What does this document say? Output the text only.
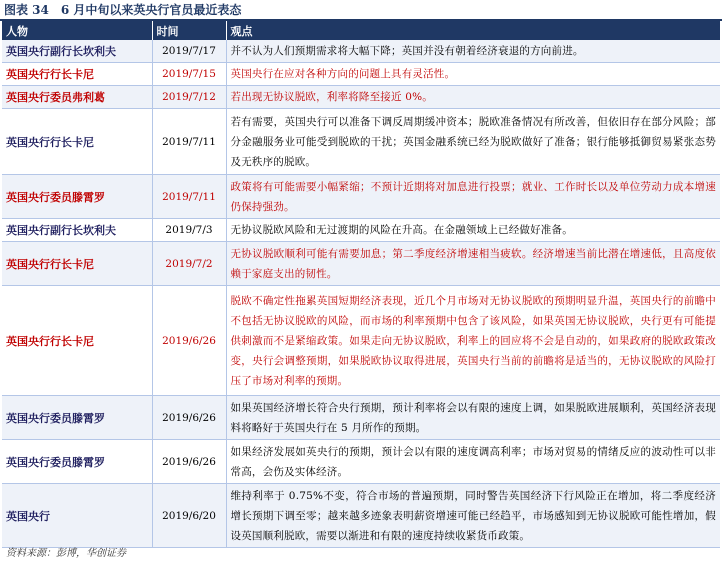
图表 34　6 月中旬以来英央行官员最近表态
人物	时间	观点
英国央行副行长坎利夫	2019/7/17	并不认为人们预期需求将大幅下降；英国并没有朝着经济衰退的方向前进。
英国央行行长卡尼	2019/7/15	英国央行在应对各种方向的问题上具有灵活性。
英国央行委员弗利葛	2019/7/12	若出现无协议脱欧，利率将降至接近 0%。
英国央行行长卡尼	2019/7/11	若有需要，英国央行可以准备下调反周期缓冲资本；脱欧准备情况有所改善，但依旧存在部分风险；部分金融服务业可能受到脱欧的干扰；英国金融系统已经为脱欧做好了准备；银行能够抵御贸易紧张态势及无秩序的脱欧。
英国央行委员滕霄罗	2019/7/11	政策将有可能需要小幅紧缩；不预计近期将对加息进行投票；就业、工作时长以及单位劳动力成本增速仍保持强劲。
英国央行副行长坎利夫	2019/7/3	无协议脱欧风险和无过渡期的风险在升高。在金融领域上已经做好准备。
英国央行行长卡尼	2019/7/2	无协议脱欧顺利可能有需要加息；第二季度经济增速相当疲软。经济增速当前比潜在增速低，且高度依赖于家庭支出的韧性。
英国央行行长卡尼	2019/6/26	脱欧不确定性拖累英国短期经济表现，近几个月市场对无协议脱欧的预期明显升温，英国央行的前瞻中不包括无协议脱欧的风险，而市场的利率预期中包含了该风险，如果英国无协议脱欧，央行更有可能提供刺激而不是紧缩政策。如果走向无协议脱欧，利率上的回应将不会是自动的，如果政府的脱欧政策改变，央行会调整预期，如果脱欧协议取得进展，英国央行当前的前瞻将是适当的，无协议脱欧的风险打压了市场对利率的预期。
英国央行委员滕霄罗	2019/6/26	如果英国经济增长符合央行预期，预计利率将会以有限的速度上调，如果脱欧进展顺利，英国经济表现料将略好于英国央行在 5 月所作的预期。
英国央行委员滕霄罗	2019/6/26	如果经济发展如英央行的预期，预计会以有限的速度调高利率；市场对贸易的情绪反应的波动性可以非常高，会伤及实体经济。
英国央行	2019/6/20	维持利率于 0.75%不变，符合市场的普遍预期，同时警告英国经济下行风险正在增加，将二季度经济增长预期下调至零；越来越多迹象表明薪资增速可能已经趋平，市场感知到无协议脱欧可能性增加，假设英国顺利脱欧，需要以渐进和有限的速度持续收紧货币政策。
资料来源：彭博，华创证券
